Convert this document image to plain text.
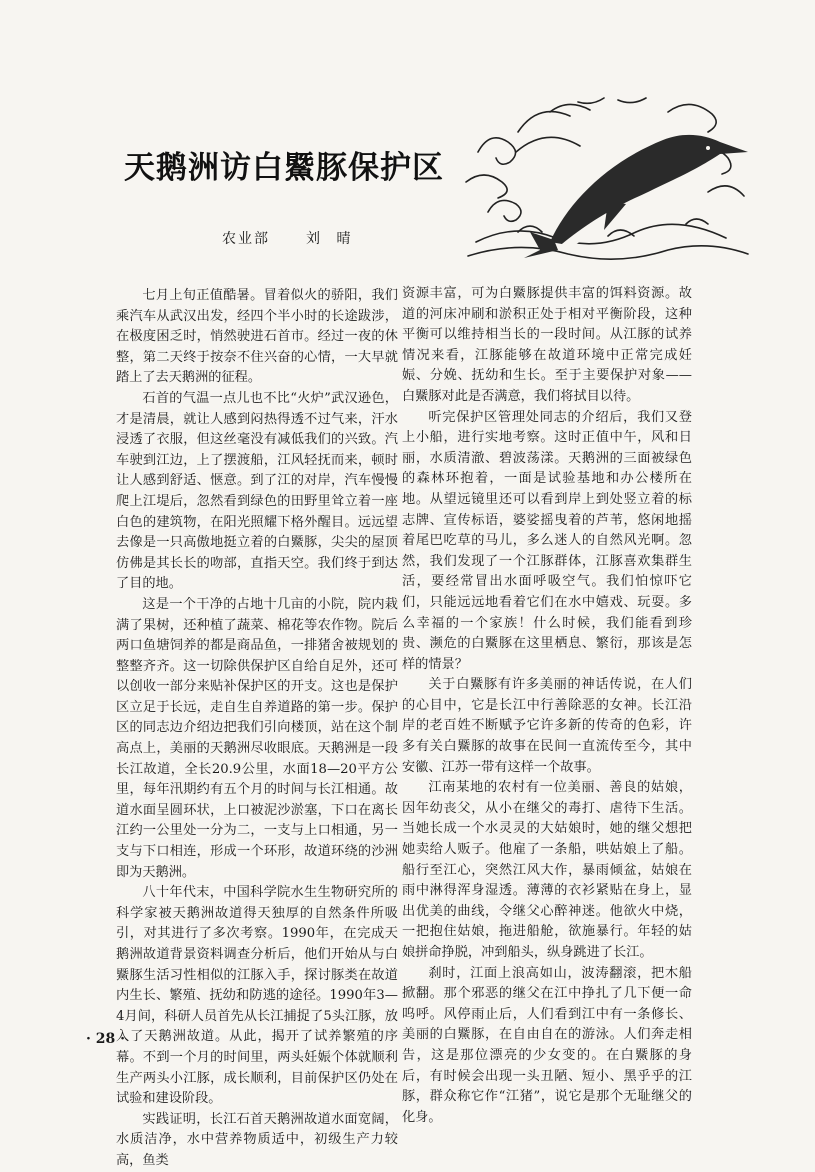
天鹅洲访白鱀豚保护区
农业部	刘 晴

七月上旬正值酷暑。冒着似火的骄阳，我们乘汽车从武汉出发，经四个半小时的长途跋涉，在极度困乏时，悄然驶进石首市。经过一夜的休整，第二天终于按奈不住兴奋的心情，一大早就踏上了去天鹅洲的征程。

石首的气温一点儿也不比“火炉”武汉逊色，才是清晨，就让人感到闷热得透不过气来，汗水浸透了衣服，但这丝毫没有减低我们的兴致。汽车驶到江边，上了摆渡船，江风轻抚而来，顿时让人感到舒适、惬意。到了江的对岸，汽车慢慢爬上江堤后，忽然看到绿色的田野里耸立着一座白色的建筑物，在阳光照耀下格外醒目。远远望去像是一只高傲地挺立着的白鱀豚，尖尖的屋顶仿佛是其长长的吻部，直指天空。我们终于到达了目的地。

这是一个干净的占地十几亩的小院，院内栽满了果树，还种植了蔬菜、棉花等农作物。院后两口鱼塘饲养的都是商品鱼，一排猪舍被规划的整整齐齐。这一切除供保护区自给自足外，还可以创收一部分来贴补保护区的开支。这也是保护区立足于长远，走自生自养道路的第一步。保护区的同志边介绍边把我们引向楼顶，站在这个制高点上，美丽的天鹅洲尽收眼底。天鹅洲是一段长江故道，全长20.9公里，水面18—20平方公里，每年汛期约有五个月的时间与长江相通。故道水面呈圆环状，上口被泥沙淤塞，下口在离长江约一公里处一分为二，一支与上口相通，另一支与下口相连，形成一个环形，故道环绕的沙洲即为天鹅洲。

八十年代末，中国科学院水生生物研究所的科学家被天鹅洲故道得天独厚的自然条件所吸引，对其进行了多次考察。1990年，在完成天鹅洲故道背景资料调查分析后，他们开始从与白鱀豚生活习性相似的江豚入手，探讨豚类在故道内生长、繁殖、抚幼和防逃的途径。1990年3—4月间，科研人员首先从长江捕捉了5头江豚，放入了天鹅洲故道。从此，揭开了试养繁殖的序幕。不到一个月的时间里，两头妊娠个体就顺利生产两头小江豚，成长顺利，目前保护区仍处在试验和建设阶段。

实践证明，长江石首天鹅洲故道水面宽阔，水质洁净，水中营养物质适中，初级生产力较高，鱼类

资源丰富，可为白鱀豚提供丰富的饵料资源。故道的河床冲刷和淤积正处于相对平衡阶段，这种平衡可以维持相当长的一段时间。从江豚的试养情况来看，江豚能够在故道环境中正常完成妊娠、分娩、抚幼和生长。至于主要保护对象——白鱀豚对此是否满意，我们将拭目以待。

听完保护区管理处同志的介绍后，我们又登上小船，进行实地考察。这时正值中午，风和日丽，水质清澈、碧波荡漾。天鹅洲的三面被绿色的森林环抱着，一面是试验基地和办公楼所在地。从望远镜里还可以看到岸上到处竖立着的标志牌、宣传标语，婆娑摇曳着的芦苇，悠闲地摇着尾巴吃草的马儿，多么迷人的自然风光啊。忽然，我们发现了一个江豚群体，江豚喜欢集群生活，要经常冒出水面呼吸空气。我们怕惊吓它们，只能远远地看着它们在水中嬉戏、玩耍。多么幸福的一个家族！什么时候，我们能看到珍贵、濒危的白鱀豚在这里栖息、繁衍，那该是怎样的情景？

关于白鱀豚有许多美丽的神话传说，在人们的心目中，它是长江中行善除恶的女神。长江沿岸的老百姓不断赋予它许多新的传奇的色彩，许多有关白鱀豚的故事在民间一直流传至今，其中安徽、江苏一带有这样一个故事。

江南某地的农村有一位美丽、善良的姑娘，因年幼丧父，从小在继父的毒打、虐待下生活。当她长成一个水灵灵的大姑娘时，她的继父想把她卖给人贩子。他雇了一条船，哄姑娘上了船。船行至江心，突然江风大作，暴雨倾盆，姑娘在雨中淋得浑身湿透。薄薄的衣衫紧贴在身上，显出优美的曲线，令继父心醉神迷。他欲火中烧，一把抱住姑娘，拖进船舱，欲施暴行。年轻的姑娘拼命挣脱，冲到船头，纵身跳进了长江。

刹时，江面上浪高如山，波涛翻滚，把木船掀翻。那个邪恶的继父在江中挣扎了几下便一命呜呼。风停雨止后，人们看到江中有一条修长、美丽的白鱀豚，在自由自在的游泳。人们奔走相告，这是那位漂亮的少女变的。在白鱀豚的身后，有时候会出现一头丑陋、短小、黑乎乎的江豚，群众称它作“江猪”，说它是那个无耻继父的化身。

· 28 ·
